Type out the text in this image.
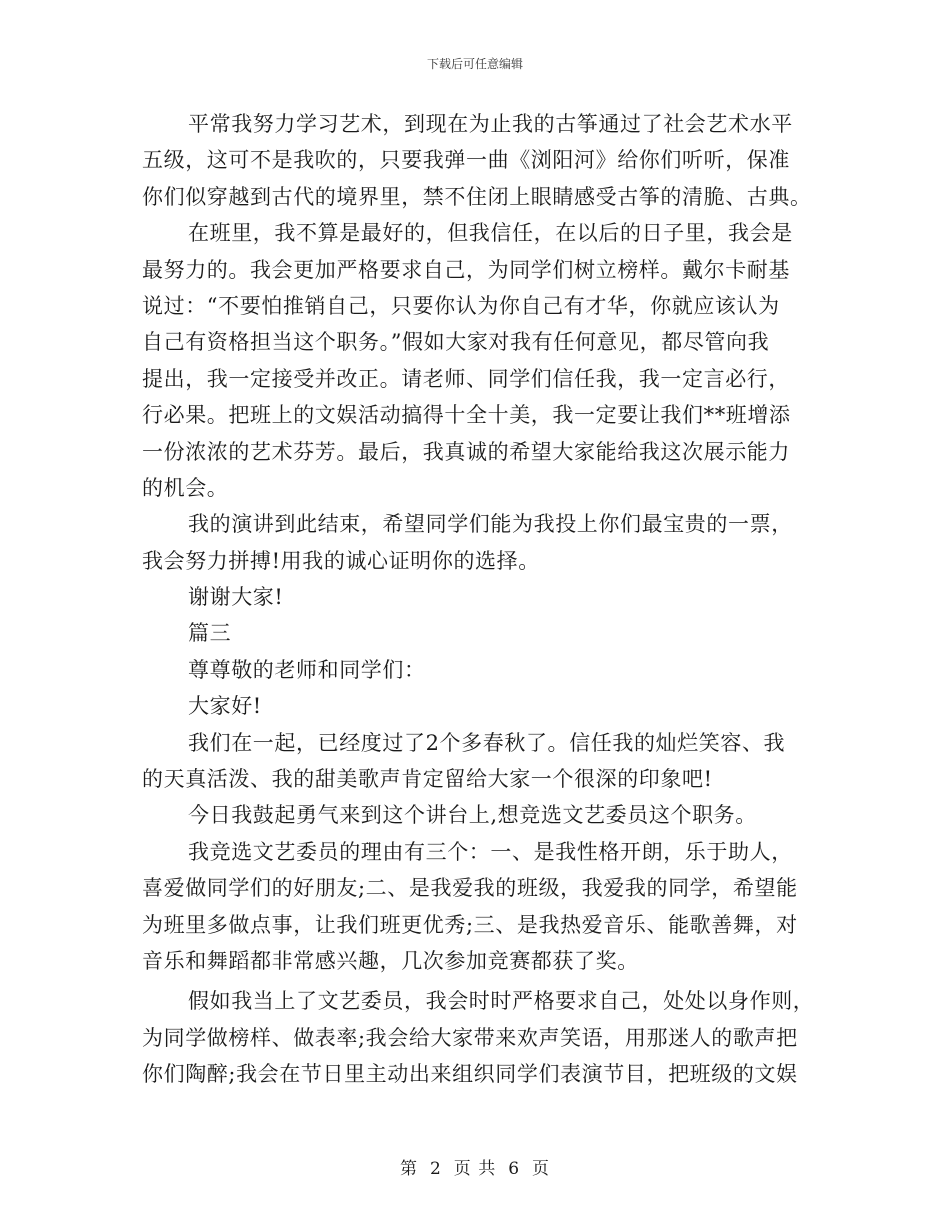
下载后可任意编辑
平常我努力学习艺术，到现在为止我的古筝通过了社会艺术水平
五级，这可不是我吹的，只要我弹一曲《浏阳河》给你们听听，保准
你们似穿越到古代的境界里，禁不住闭上眼睛感受古筝的清脆、古典。
在班里，我不算是最好的，但我信任，在以后的日子里，我会是
最努力的。我会更加严格要求自己，为同学们树立榜样。戴尔卡耐基
说过：“不要怕推销自己，只要你认为你自己有才华，你就应该认为
自己有资格担当这个职务。”假如大家对我有任何意见，都尽管向我
提出，我一定接受并改正。请老师、同学们信任我，我一定言必行，
行必果。把班上的文娱活动搞得十全十美，我一定要让我们**班增添
一份浓浓的艺术芬芳。最后，我真诚的希望大家能给我这次展示能力
的机会。
我的演讲到此结束，希望同学们能为我投上你们最宝贵的一票，
我会努力拼搏!用我的诚心证明你的选择。
谢谢大家!
篇三
尊尊敬的老师和同学们：
大家好!
我们在一起，已经度过了2个多春秋了。信任我的灿烂笑容、我
的天真活泼、我的甜美歌声肯定留给大家一个很深的印象吧!
今日我鼓起勇气来到这个讲台上,想竞选文艺委员这个职务。
我竞选文艺委员的理由有三个：一、是我性格开朗，乐于助人，
喜爱做同学们的好朋友;二、是我爱我的班级，我爱我的同学，希望能
为班里多做点事，让我们班更优秀;三、是我热爱音乐、能歌善舞，对
音乐和舞蹈都非常感兴趣，几次参加竞赛都获了奖。
假如我当上了文艺委员，我会时时严格要求自己，处处以身作则，
为同学做榜样、做表率;我会给大家带来欢声笑语，用那迷人的歌声把
你们陶醉;我会在节日里主动出来组织同学们表演节目，把班级的文娱
第 2 页 共 6 页
